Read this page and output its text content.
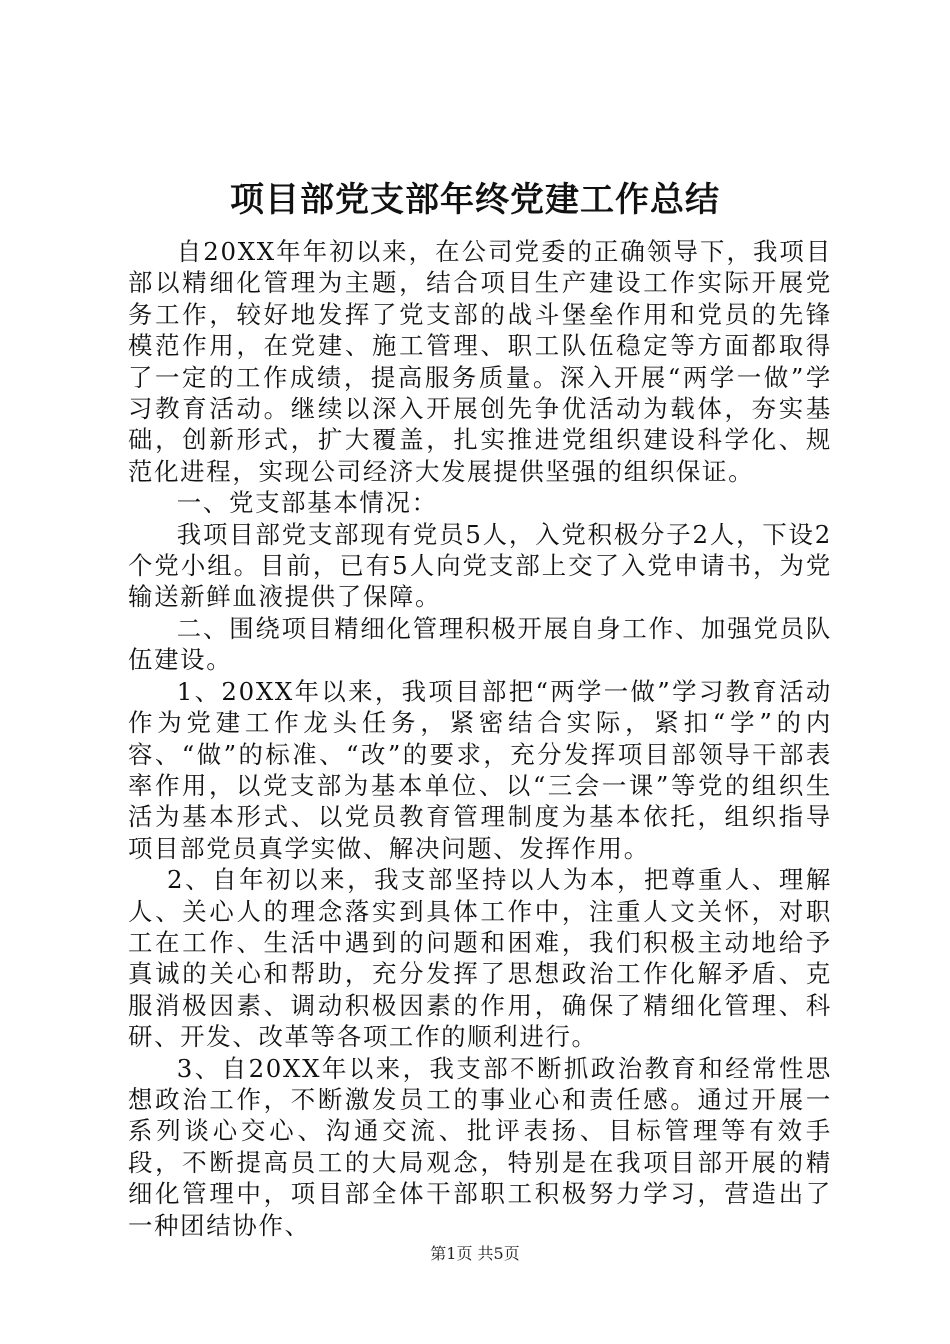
项目部党支部年终党建工作总结

自20XX年年初以来，在公司党委的正确领导下，我项目部以精细化管理为主题，结合项目生产建设工作实际开展党务工作，较好地发挥了党支部的战斗堡垒作用和党员的先锋模范作用，在党建、施工管理、职工队伍稳定等方面都取得了一定的工作成绩，提高服务质量。深入开展“两学一做”学习教育活动。继续以深入开展创先争优活动为载体，夯实基础，创新形式，扩大覆盖，扎实推进党组织建设科学化、规范化进程，实现公司经济大发展提供坚强的组织保证。

一、党支部基本情况：

我项目部党支部现有党员5人，入党积极分子2人，下设2个党小组。目前，已有5人向党支部上交了入党申请书，为党输送新鲜血液提供了保障。

二、围绕项目精细化管理积极开展自身工作、加强党员队伍建设。

1、20XX年以来，我项目部把“两学一做”学习教育活动作为党建工作龙头任务，紧密结合实际，紧扣“学”的内容、“做”的标准、“改”的要求，充分发挥项目部领导干部表率作用，以党支部为基本单位、以“三会一课”等党的组织生活为基本形式、以党员教育管理制度为基本依托，组织指导项目部党员真学实做、解决问题、发挥作用。

2、自年初以来，我支部坚持以人为本，把尊重人、理解人、关心人的理念落实到具体工作中，注重人文关怀，对职工在工作、生活中遇到的问题和困难，我们积极主动地给予真诚的关心和帮助，充分发挥了思想政治工作化解矛盾、克服消极因素、调动积极因素的作用，确保了精细化管理、科研、开发、改革等各项工作的顺利进行。

3、自20XX年以来，我支部不断抓政治教育和经常性思想政治工作，不断激发员工的事业心和责任感。通过开展一系列谈心交心、沟通交流、批评表扬、目标管理等有效手段，不断提高员工的大局观念，特别是在我项目部开展的精细化管理中，项目部全体干部职工积极努力学习，营造出了一种团结协作、

第1页 共5页
